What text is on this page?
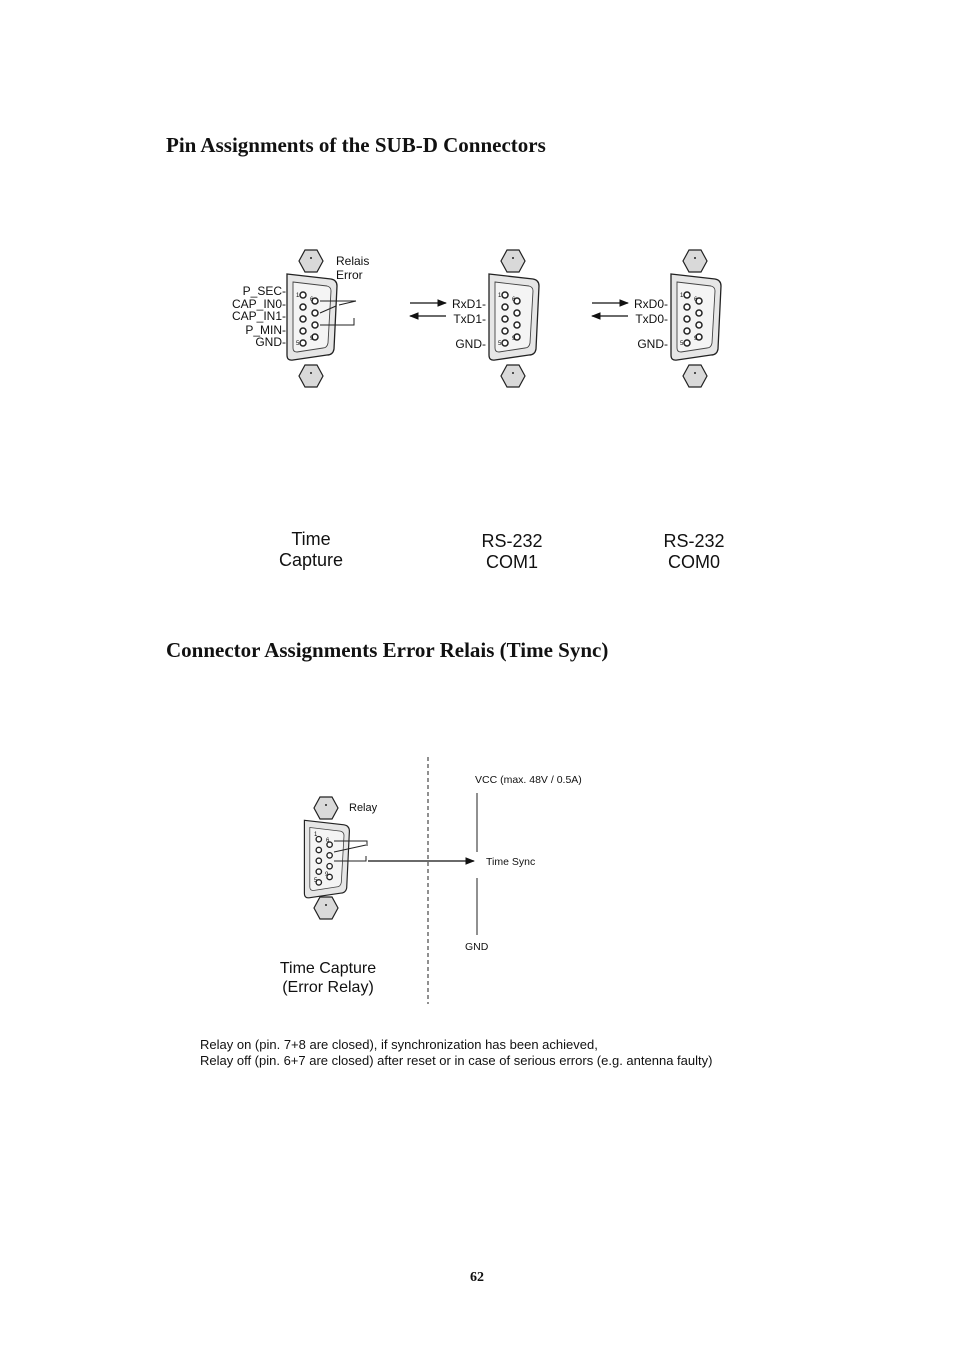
Pin Assignments of the SUB-D Connectors
1
6
9
5
Relais
Error
P_SEC-
CAP_IN0-
CAP_IN1-
P_MIN-
GND-
1
6
9
5
RxD1-
TxD1-
GND-
1
6
9
5
RxD0-
TxD0-
GND-
1
6
9
5
Relay
VCC (max. 48V / 0.5A)
Time Sync
GND
Time
Capture
RS-232
COM1
RS-232
COM0
Connector Assignments Error Relais (Time Sync)
Time Capture
(Error Relay)
Relay on (pin. 7+8 are closed), if synchronization has been achieved,
Relay off (pin. 6+7 are closed) after reset or in case of serious errors (e.g. antenna faulty)
62
